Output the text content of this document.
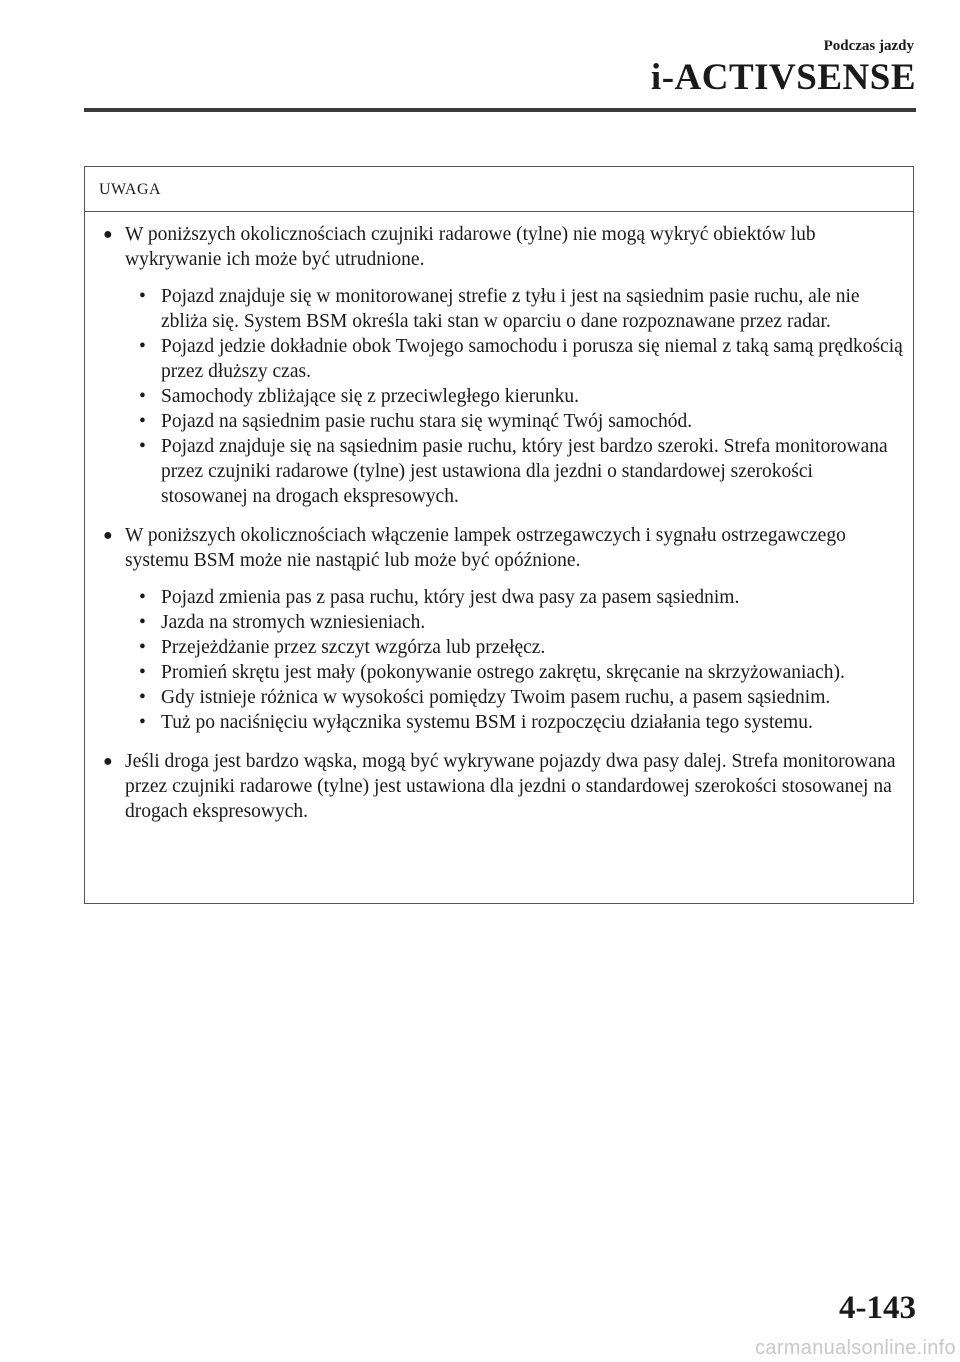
Podczas jazdy
i-ACTIVSENSE
UWAGA
● W poniższych okolicznościach czujniki radarowe (tylne) nie mogą wykryć obiektów lub wykrywanie ich może być utrudnione.
• Pojazd znajduje się w monitorowanej strefie z tyłu i jest na sąsiednim pasie ruchu, ale nie zbliża się. System BSM określa taki stan w oparciu o dane rozpoznawane przez radar.
• Pojazd jedzie dokładnie obok Twojego samochodu i porusza się niemal z taką samą prędkością przez dłuższy czas.
• Samochody zbliżające się z przeciwległego kierunku.
• Pojazd na sąsiednim pasie ruchu stara się wyminąć Twój samochód.
• Pojazd znajduje się na sąsiednim pasie ruchu, który jest bardzo szeroki. Strefa monitorowana przez czujniki radarowe (tylne) jest ustawiona dla jezdni o standardowej szerokości stosowanej na drogach ekspresowych.
● W poniższych okolicznościach włączenie lampek ostrzegawczych i sygnału ostrzegawczego systemu BSM może nie nastąpić lub może być opóźnione.
• Pojazd zmienia pas z pasa ruchu, który jest dwa pasy za pasem sąsiednim.
• Jazda na stromych wzniesieniach.
• Przejeżdżanie przez szczyt wzgórza lub przełęcz.
• Promień skrętu jest mały (pokonywanie ostrego zakrętu, skręcanie na skrzyżowaniach).
• Gdy istnieje różnica w wysokości pomiędzy Twoim pasem ruchu, a pasem sąsiednim.
• Tuż po naciśnięciu wyłącznika systemu BSM i rozpoczęciu działania tego systemu.
● Jeśli droga jest bardzo wąska, mogą być wykrywane pojazdy dwa pasy dalej. Strefa monitorowana przez czujniki radarowe (tylne) jest ustawiona dla jezdni o standardowej szerokości stosowanej na drogach ekspresowych.
4-143
carmanualsonline.info
